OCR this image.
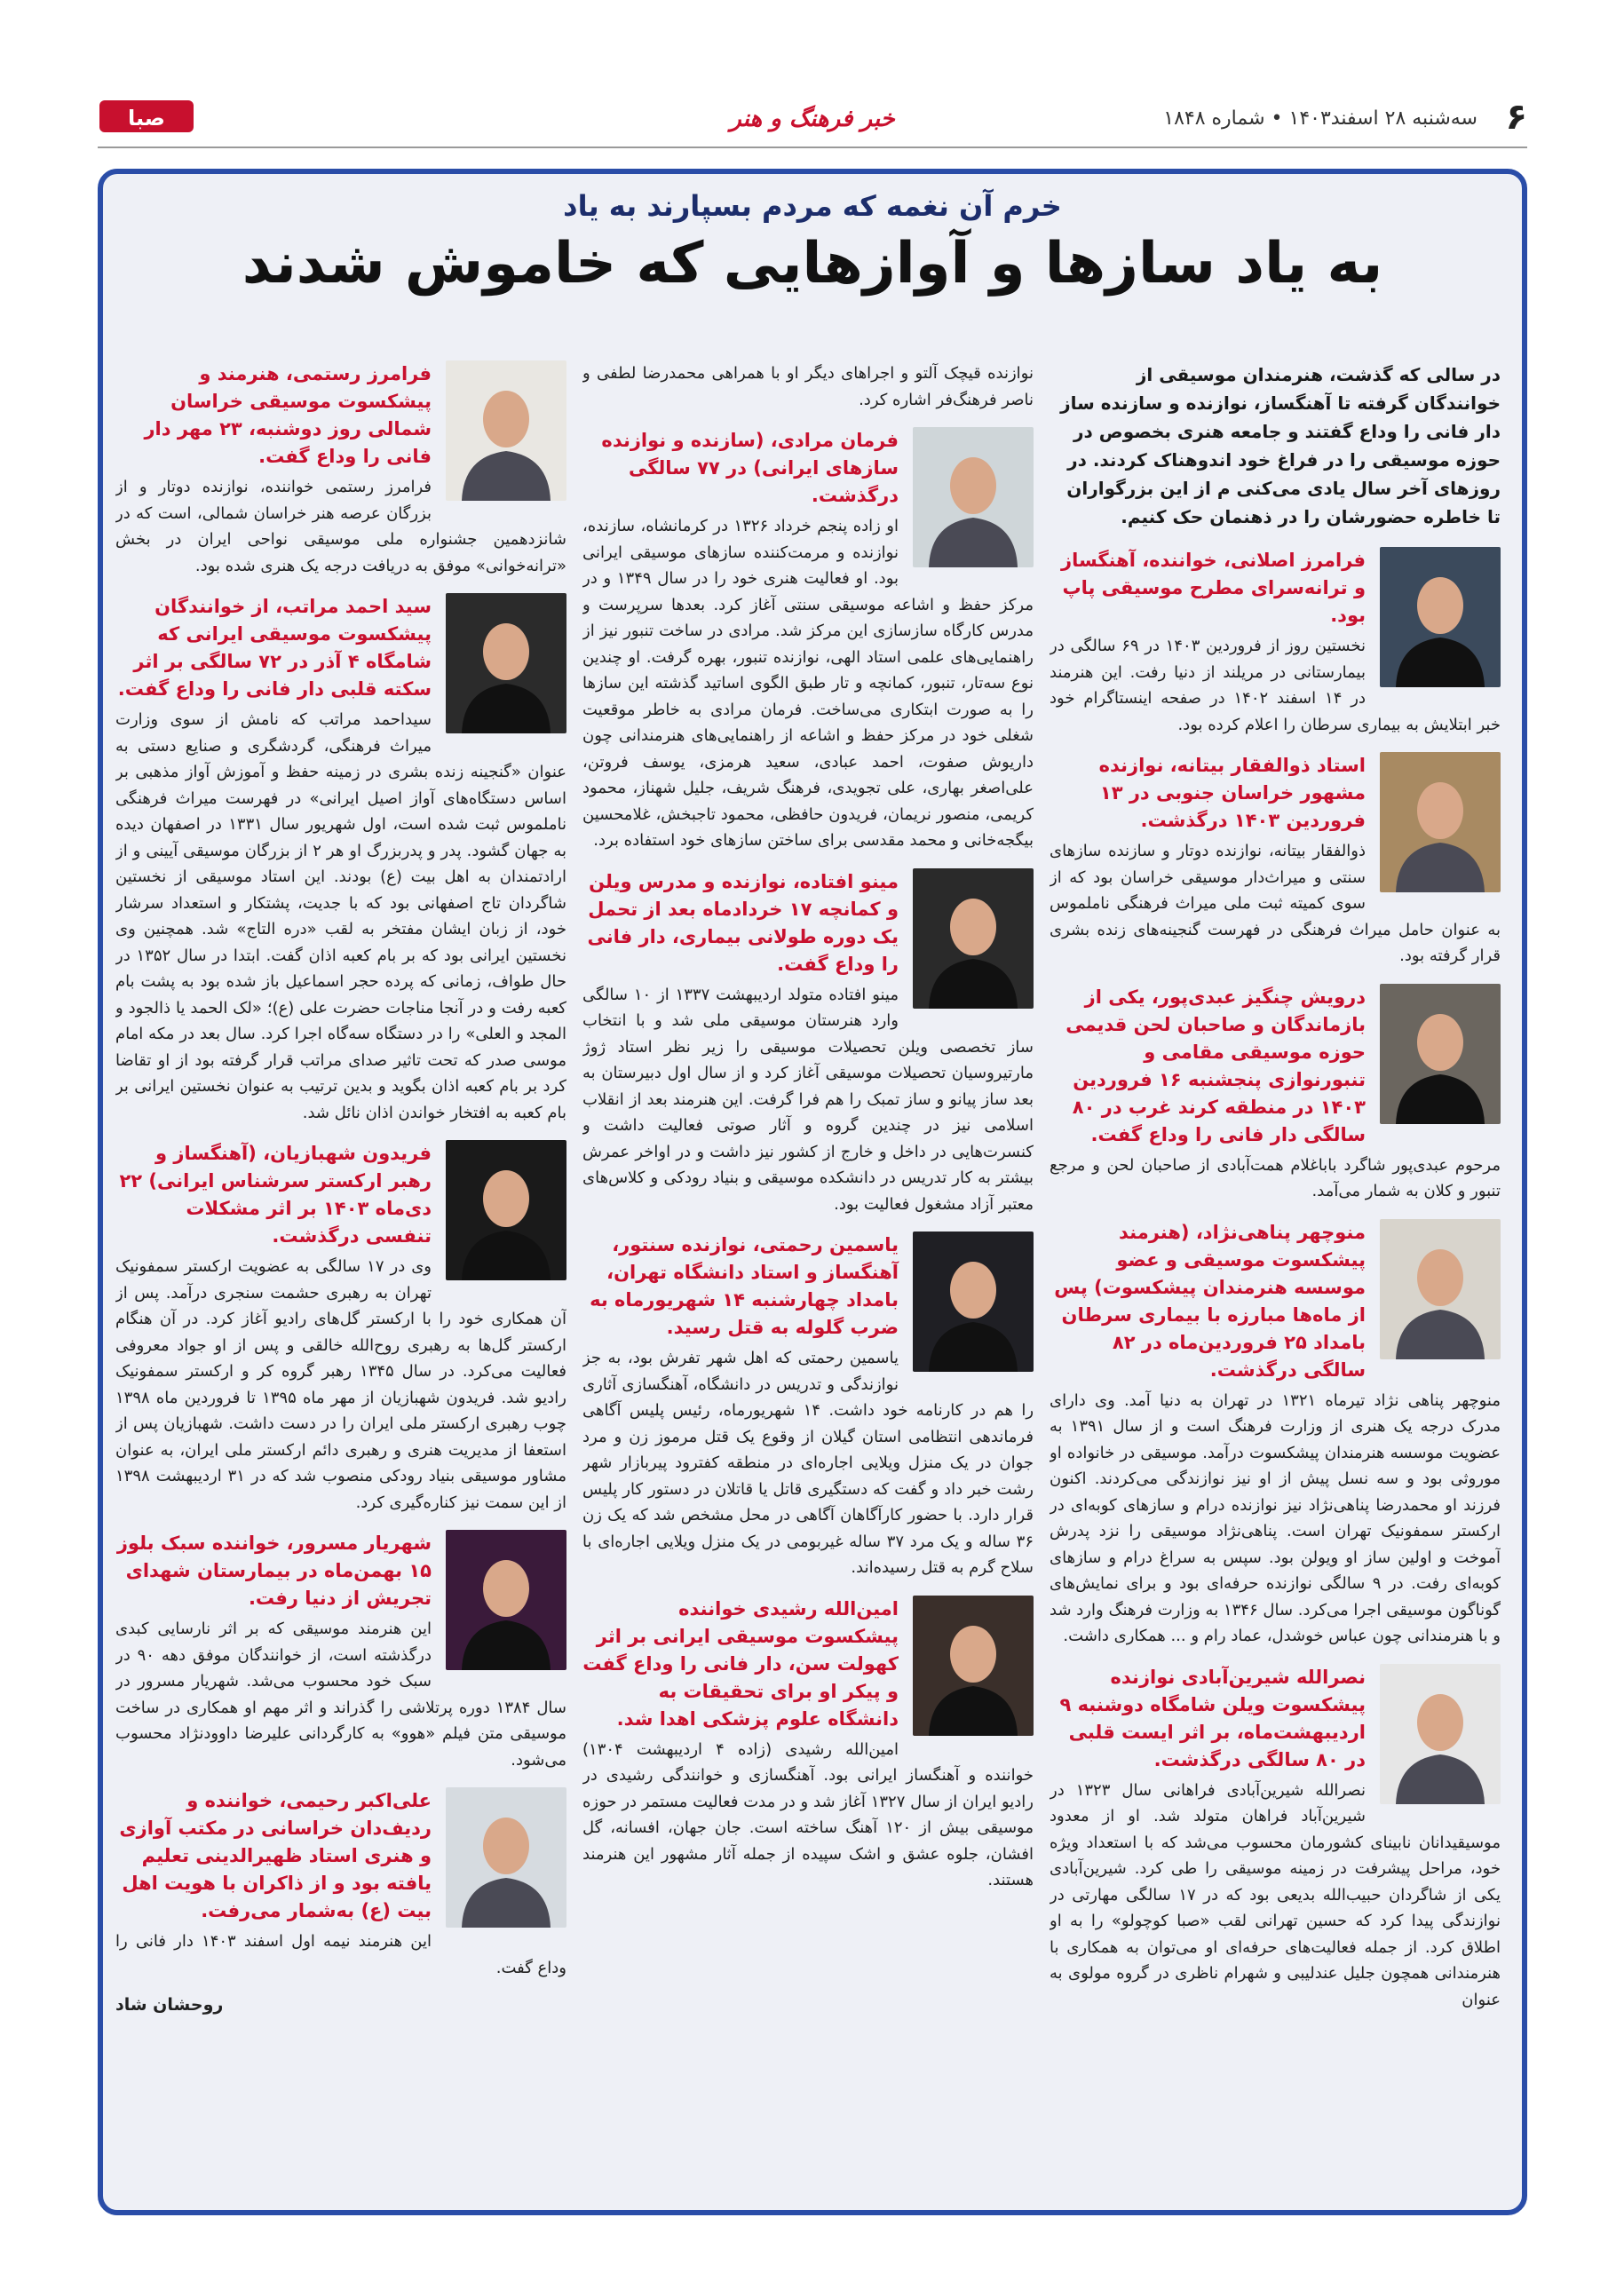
۶
سه‌شنبه ۲۸ اسفند۱۴۰۳ • شماره ۱۸۴۸
خبر فرهنگ و هنر
صبا
خرم آن نغمه که مردم بسپارند به یاد
به یاد سازها و آوازهایی که خاموش شدند
در سالی که گذشت، هنرمندان موسیقی از خوانندگان گرفته تا آهنگساز، نوازنده و سازنده ساز دار فانی را وداع گفتند و جامعه هنری بخصوص در حوزه موسیقی را در فراغ خود اندوهناک کردند. در روزهای آخر سال یادی می‌کنی م از این بزرگواران تا خاطره حضورشان را در ذهنمان حک کنیم.
فرامرز اصلانی، خواننده، آهنگساز و ترانه‌سرای مطرح موسیقی پاپ بود.
نخستین روز از فروردین ۱۴۰۳ در ۶۹ سالگی در بیمارستانی در مریلند از دنیا رفت. این هنرمند در ۱۴ اسفند ۱۴۰۲ در صفحه اینستاگرام خود خبر ابتلایش به بیماری سرطان را اعلام کرده بود.
استاد ذوالفقار بیتانه، نوازنده مشهور خراسان جنوبی در ۱۳ فروردین ۱۴۰۳ درگذشت.
ذوالفقار بیتانه، نوازنده دوتار و سازنده سازهای سنتی و میراث‌دار موسیقی خراسان بود که از سوی کمیته ثبت ملی میراث فرهنگی ناملموس به عنوان حامل میراث فرهنگی در فهرست گنجینه‌های زنده بشری قرار گرفته بود.
درویش چنگیز عبدی‌پور، یکی از بازماندگان و صاحبان لحن قدیمی حوزه موسیقی مقامی و تنبورنوازی پنجشنبه ۱۶ فروردین ۱۴۰۳ در منطقه کرند غرب در ۸۰ سالگی دار فانی را وداع گفت.
مرحوم عبدی‌پور شاگرد باباغلام همت‌آبادی از صاحبان لحن و مرجع تنبور و کلان به شمار می‌آمد.
منوچهر پناهی‌نژاد، (هنرمند پیشکسوت موسیقی و عضو موسسه هنرمندان پیشکسوت) پس از ماه‌ها مبارزه با بیماری سرطان بامداد ۲۵ فروردین‌ماه در ۸۲ سالگی درگذشت.
منوچهر پناهی نژاد تیرماه ۱۳۲۱ در تهران به دنیا آمد. وی دارای مدرک درجه یک هنری از وزارت فرهنگ است و از سال ۱۳۹۱ به عضویت موسسه هنرمندان پیشکسوت درآمد. موسیقی در خانواده او موروثی بود و سه نسل پیش از او نیز نوازندگی می‌کردند. اکنون فرزند او محمدرضا پناهی‌نژاد نیز نوازنده درام و سازهای کوبه‌ای در ارکستر سمفونیک تهران است. پناهی‌نژاد موسیقی را نزد پدرش آموخت و اولین ساز او ویولن بود. سپس به سراغ درام و سازهای کوبه‌ای رفت. در ۹ سالگی نوازنده حرفه‌ای بود و برای نمایش‌های گوناگون موسیقی اجرا می‌کرد. سال ۱۳۴۶ به وزارت فرهنگ وارد شد و با هنرمندانی چون عباس خوشدل، عماد رام و ... همکاری داشت.
نصرالله شیرین‌آبادی نوازنده پیشکسوت ویلن شامگاه دوشنبه ۹ اردیبهشت‌ماه، بر اثر ایست قلبی در ۸۰ سالگی درگذشت.
نصرالله شیرین‌آبادی فراهانی سال ۱۳۲۳ در شیرین‌آباد فراهان متولد شد. او از معدود موسیقیدانان نابینای کشورمان محسوب می‌شد که با استعداد ویژه خود، مراحل پیشرفت در زمینه موسیقی را طی کرد. شیرین‌آبادی یکی از شاگردان حبیب‌الله بدیعی بود که در ۱۷ سالگی مهارتی در نوازندگی پیدا کرد که حسین تهرانی لقب «صبا کوچولو» را به او اطلاق کرد. از جمله فعالیت‌های حرفه‌ای او می‌توان به همکاری با هنرمندانی همچون جلیل عندلیبی و شهرام ناظری در گروه مولوی به عنوان
نوازنده قیچک آلتو و اجراهای دیگر او با همراهی محمدرضا لطفی و ناصر فرهنگ‌فر اشاره کرد.
فرمان مرادی، (سازنده و نوازنده سازهای ایرانی) در ۷۷ سالگی درگذشت.
او زاده پنجم خرداد ۱۳۲۶ در کرمانشاه، سازنده، نوازنده و مرمت‌کننده سازهای موسیقی ایرانی بود. او فعالیت هنری خود را در سال ۱۳۴۹ و در مرکز حفظ و اشاعه موسیقی سنتی آغاز کرد. بعدها سرپرست و مدرس کارگاه سازسازی این مرکز شد. مرادی در ساخت تنبور نیز از راهنمایی‌های علمی استاد الهی، نوازنده تنبور، بهره گرفت. او چندین نوع سه‌تار، تنبور، کمانچه و تار طبق الگوی اساتید گذشته این سازها را به صورت ابتکاری می‌ساخت. فرمان مرادی به خاطر موقعیت شغلی خود در مرکز حفظ و اشاعه از راهنمایی‌های هنرمندانی چون داریوش صفوت، احمد عبادی، سعید هرمزی، یوسف فروتن، علی‌اصغر بهاری، علی تجویدی، فرهنگ شریف، جلیل شهناز، محمود کریمی، منصور نریمان، فریدون حافظی، محمود تاجبخش، غلامحسین بیگجه‌خانی و محمد مقدسی برای ساختن سازهای خود استفاده برد.
مینو افتاده، نوازنده و مدرس ویلن و کمانچه ۱۷ خردادماه بعد از تحمل یک دوره طولانی بیماری، دار فانی را وداع گفت.
مینو افتاده متولد اردیبهشت ۱۳۳۷ از ۱۰ سالگی وارد هنرستان موسیقی ملی شد و با انتخاب ساز تخصصی ویلن تحصیلات موسیقی را زیر نظر استاد ژوژ مارتیروسیان تحصیلات موسیقی آغاز کرد و از سال اول دبیرستان به بعد ساز پیانو و ساز تمبک را هم فرا گرفت. این هنرمند بعد از انقلاب اسلامی نیز در چندین گروه و آثار صوتی فعالیت داشت و کنسرت‌هایی در داخل و خارج از کشور نیز داشت و در اواخر عمرش بیشتر به کار تدریس در دانشکده موسیقی و بنیاد رودکی و کلاس‌های معتبر آزاد مشغول فعالیت بود.
یاسمین رحمتی، نوازنده سنتور، آهنگساز و استاد دانشگاه تهران، بامداد چهارشنبه ۱۴ شهریورماه به ضرب گلوله به قتل رسید.
یاسمین رحمتی که اهل شهر تفرش بود، به جز نوازندگی و تدریس در دانشگاه، آهنگسازی آثاری را هم در کارنامه خود داشت. ۱۴ شهریورماه، رئیس پلیس آگاهی فرماندهی انتظامی استان گیلان از وقوع یک قتل مرموز زن و مرد جوان در یک منزل ویلایی اجاره‌ای در منطقه کفترود پیربازار شهر رشت خبر داد و گفت که دستگیری قاتل یا قاتلان در دستور کار پلیس قرار دارد. با حضور کارآگاهان آگاهی در محل مشخص شد که یک زن ۳۶ ساله و یک مرد ۳۷ ساله غیربومی در یک منزل ویلایی اجاره‌ای با سلاح گرم به قتل رسیده‌اند.
امین‌الله رشیدی خواننده پیشکسوت موسیقی ایرانی بر اثر کهولت سن، دار فانی را وداع گفت و پیکر او برای تحقیقات به دانشگاه علوم پزشکی اهدا شد.
امین‌الله رشیدی (زاده ۴ اردیبهشت ۱۳۰۴) خواننده و آهنگساز ایرانی بود. آهنگسازی و خوانندگی رشیدی در رادیو ایران از سال ۱۳۲۷ آغاز شد و در مدت فعالیت مستمر در حوزه موسیقی بیش از ۱۲۰ آهنگ ساخته است. جان جهان، افسانه، گل افشان، جلوه عشق و اشک سپیده از جمله آثار مشهور این هنرمند هستند.
فرامرز رستمی، هنرمند و پیشکسوت موسیقی خراسان شمالی روز دوشنبه، ۲۳ مهر دار فانی را وداع گفت.
فرامرز رستمی خواننده، نوازنده دوتار و از بزرگان عرصه هنر خراسان شمالی، است که در شانزدهمین جشنواره ملی موسیقی نواحی ایران در بخش «ترانه‌خوانی» موفق به دریافت درجه یک هنری شده بود.
سید احمد مراتب، از خوانندگان پیشکسوت موسیقی ایرانی که شامگاه ۴ آذر در ۷۲ سالگی بر اثر سکته قلبی دار فانی را وداع گفت.
سیداحمد مراتب که نامش از سوی وزارت میراث فرهنگی، گردشگری و صنایع دستی به عنوان «گنجینه زنده بشری در زمینه حفظ و آموزش آواز مذهبی بر اساس دستگاه‌های آواز اصیل ایرانی» در فهرست میراث فرهنگی ناملموس ثبت شده است، اول شهریور سال ۱۳۳۱ در اصفهان دیده به جهان گشود. پدر و پدربزرگ او هر ۲ از بزرگان موسیقی آیینی و از ارادتمندان به اهل بیت (ع) بودند. این استاد موسیقی از نخستین شاگردان تاج اصفهانی بود که با جدیت، پشتکار و استعداد سرشار خود، از زبان ایشان مفتخر به لقب «دره التاج» شد. همچنین وی نخستین ایرانی بود که بر بام کعبه اذان گفت. ابتدا در سال ۱۳۵۲ در حال طواف، زمانی که پرده حجر اسماعیل باز شده بود به پشت بام کعبه رفت و در آنجا مناجات حضرت علی (ع)؛ «لک الحمد یا ذالجود و المجد و العلی» را در دستگاه سه‌گاه اجرا کرد. سال بعد در مکه امام موسی صدر که تحت تاثیر صدای مراتب قرار گرفته بود از او تقاضا کرد بر بام کعبه اذان بگوید و بدین ترتیب به عنوان نخستین ایرانی بر بام کعبه به افتخار خواندن اذان نائل شد.
فریدون شهبازیان، (آهنگساز و رهبر ارکستر سرشناس ایرانی) ۲۲ دی‌ماه ۱۴۰۳ بر اثر مشکلات تنفسی درگذشت.
وی در ۱۷ سالگی به عضویت ارکستر سمفونیک تهران به رهبری حشمت سنجری درآمد. پس از آن همکاری خود را با ارکستر گل‌های رادیو آغاز کرد. در آن هنگام ارکستر گل‌ها به رهبری روح‌الله خالقی و پس از او جواد معروفی فعالیت می‌کرد. در سال ۱۳۴۵ رهبر گروه کر و ارکستر سمفونیک رادیو شد. فریدون شهبازیان از مهر ماه ۱۳۹۵ تا فروردین ماه ۱۳۹۸ چوب رهبری ارکستر ملی ایران را در دست داشت. شهبازیان پس از استعفا از مدیریت هنری و رهبری دائم ارکستر ملی ایران، به عنوان مشاور موسیقی بنیاد رودکی منصوب شد که در ۳۱ اردیبهشت ۱۳۹۸ از این سمت نیز کناره‌گیری کرد.
شهریار مسرور، خواننده سبک بلوز ۱۵ بهمن‌ماه در بیمارستان شهدای تجریش از دنیا رفت.
این هنرمند موسیقی که بر اثر نارسایی کبدی درگذشته است، از خوانندگان موفق دهه ۹۰ در سبک خود محسوب می‌شد. شهریار مسرور در سال ۱۳۸۴ دوره پرتلاشی را گذراند و اثر مهم او همکاری در ساخت موسیقی متن فیلم «هوو» به کارگردانی علیرضا داوودنژاد محسوب می‌شود.
علی‌اکبر رحیمی، خواننده و ردیف‌دان خراسانی در مکتب آوازی و هنری استاد ظهیرالدینی تعلیم یافته بود و از ذاکران با هویت اهل بیت (ع) به‌شمار می‌رفت.
این هنرمند نیمه اول اسفند ۱۴۰۳ دار فانی را وداع گفت.
روحشان شاد
